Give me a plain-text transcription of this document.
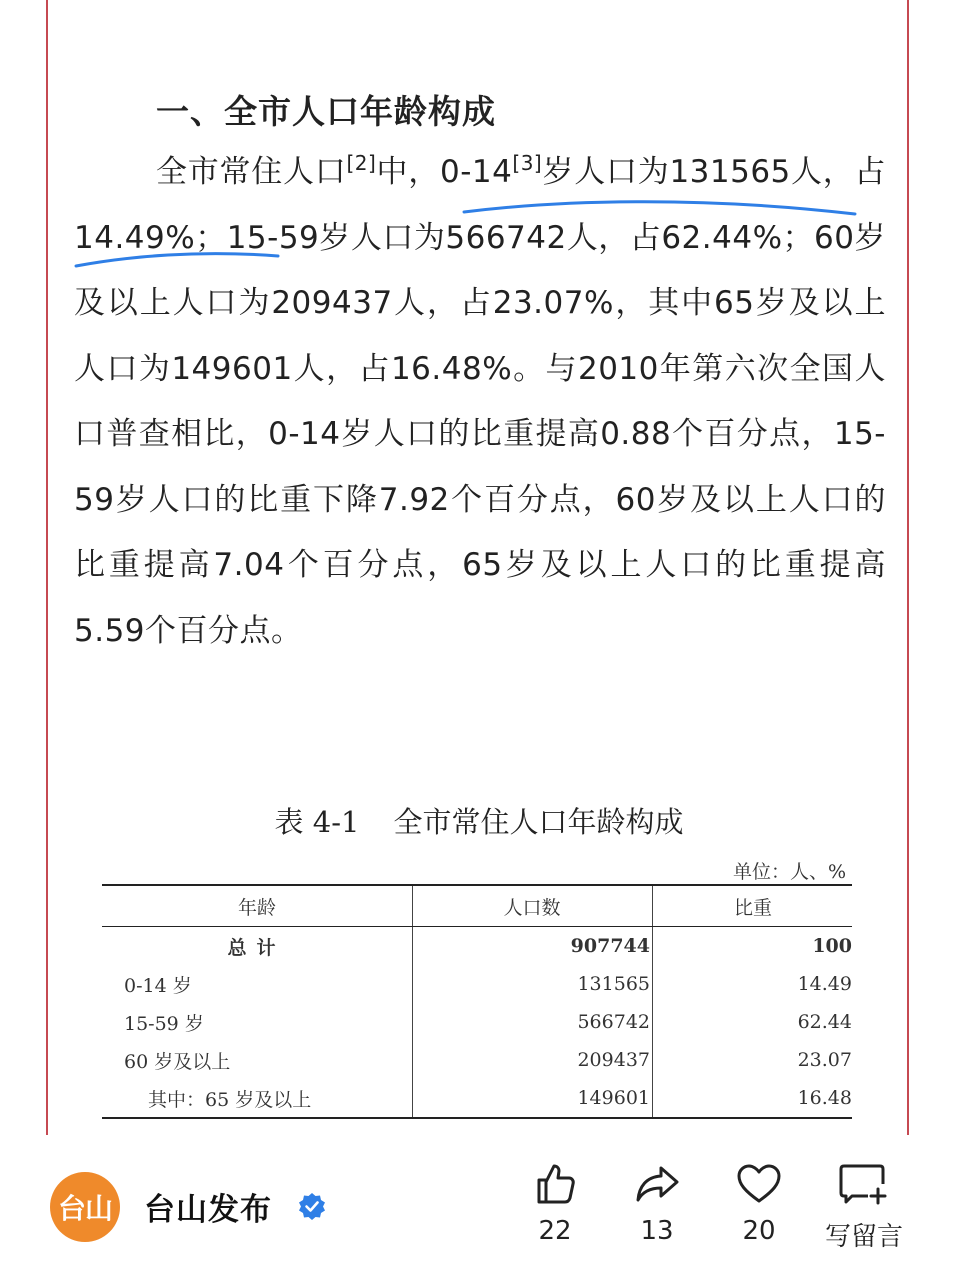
一、全市人口年龄构成

全市常住人口[2]中，0-14[3]岁人口为131565人，占14.49%；15-59岁人口为566742人，占62.44%；60岁及以上人口为209437人，占23.07%，其中65岁及以上人口为149601人，占16.48%。与2010年第六次全国人口普查相比，0-14岁人口的比重提高0.88个百分点，15-59岁人口的比重下降7.92个百分点，60岁及以上人口的比重提高7.04个百分点，65岁及以上人口的比重提高5.59个百分点。

表 4-1 全市常住人口年龄构成
单位：人、%
年龄	人口数	比重
总计	907744	100
0-14 岁	131565	14.49
15-59 岁	566742	62.44
60 岁及以上	209437	23.07
其中：65 岁及以上	149601	16.48
台山 台山发布
22	13	20	写留言
